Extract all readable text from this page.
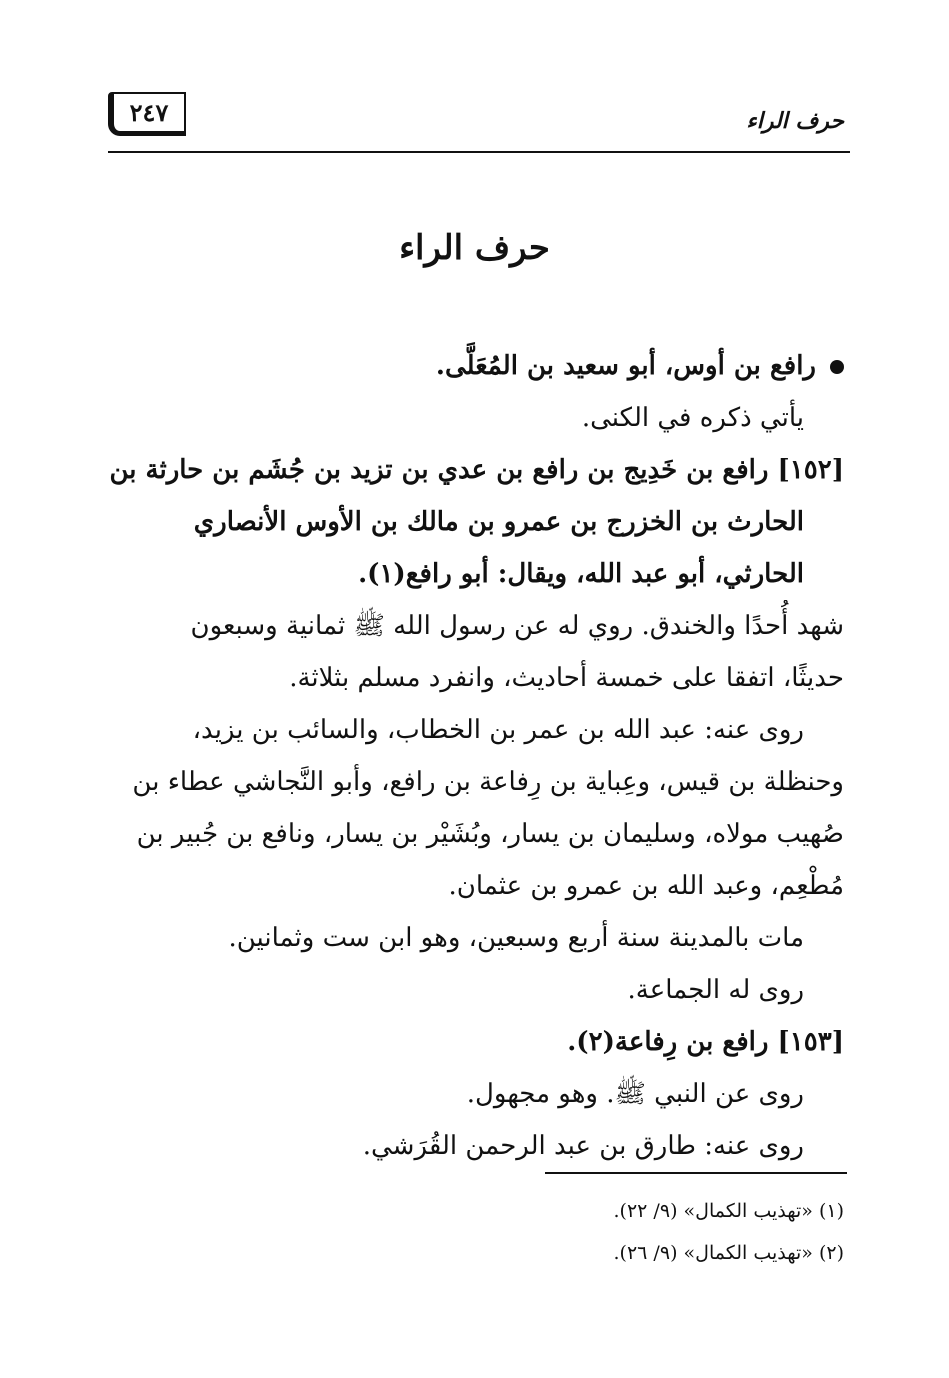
حرف الراء
٢٤٧
حرف الراء
رافع بن أوس، أبو سعيد بن المُعَلَّى.
يأتي ذكره في الكنى.
[١٥٢] رافع بن خَدِيج بن رافع بن عدي بن تزيد بن جُشَم بن حارثة بن
الحارث بن الخزرج بن عمرو بن مالك بن الأوس الأنصاري
الحارثي، أبو عبد الله، ويقال: أبو رافع(١).
شهد أُحدًا والخندق. روي له عن رسول الله ﷺ ثمانية وسبعون
حديثًا، اتفقا على خمسة أحاديث، وانفرد مسلم بثلاثة.
روى عنه: عبد الله بن عمر بن الخطاب، والسائب بن يزيد،
وحنظلة بن قيس، وعِباية بن رِفاعة بن رافع، وأبو النَّجاشي عطاء بن
صُهيب مولاه، وسليمان بن يسار، وبُشَيْر بن يسار، ونافع بن جُبير بن
مُطْعِم، وعبد الله بن عمرو بن عثمان.
مات بالمدينة سنة أربع وسبعين، وهو ابن ست وثمانين.
روى له الجماعة.
[١٥٣] رافع بن رِفاعة(٢).
روى عن النبي ﷺ. وهو مجهول.
روى عنه: طارق بن عبد الرحمن القُرَشي.
(١) «تهذيب الكمال» (٩/ ٢٢).
(٢) «تهذيب الكمال» (٩/ ٢٦).
